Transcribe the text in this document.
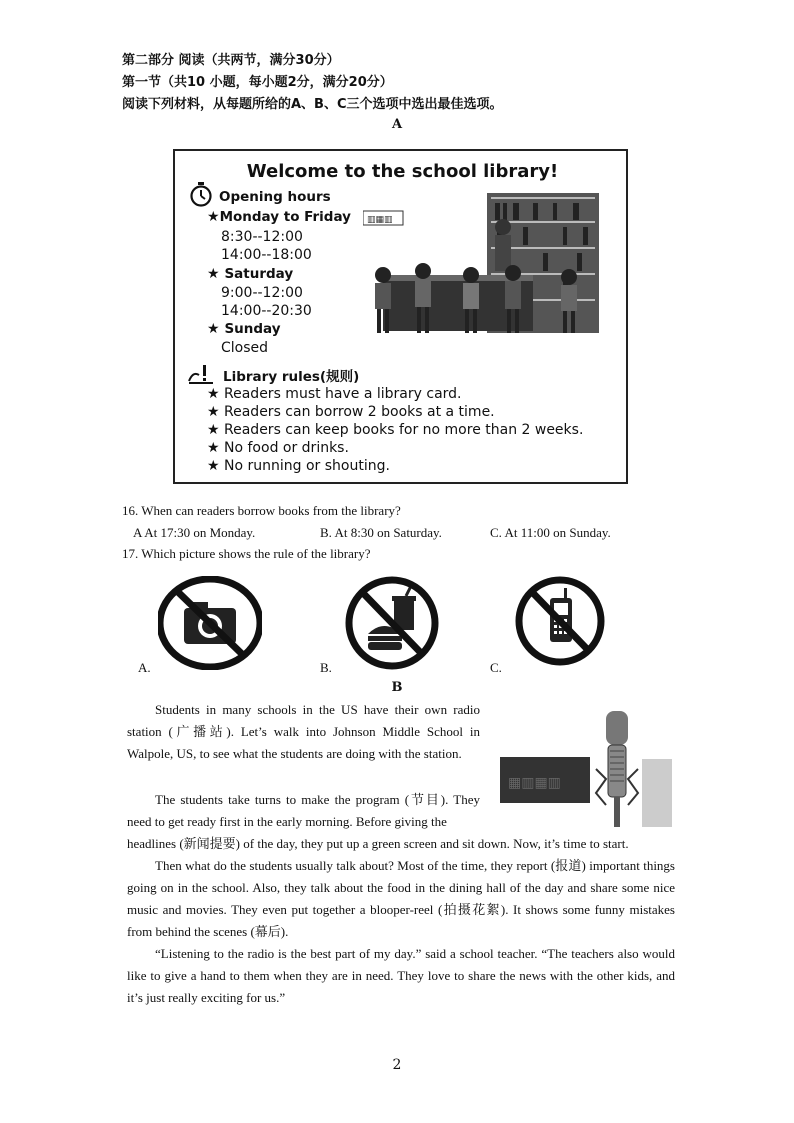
第二部分 阅读（共两节，满分30分）
第一节（共10 小题，每小题2分，满分20分）
阅读下列材料，从每题所给的A、B、C三个选项中选出最佳选项。
A
Welcome to the school library!
Opening hours
★Monday to Friday
8:30--12:00
14:00--18:00
★ Saturday
9:00--12:00
14:00--20:30
★ Sunday
Closed
▥▦▥
Library rules(规则)
★ Readers must have a library card.
★ Readers can borrow 2 books at a time.
★ Readers can keep books for no more than 2 weeks.
★ No food or drinks.
★ No running or shouting.
16. When can readers borrow books from the library?
A At 17:30 on Monday.	B. At 8:30 on Saturday.	C. At 11:00 on Sunday.
17. Which picture shows the rule of the library?
A.	B.	C.
B
Students in many schools in the US have their own radio station (广播站). Let’s walk into Johnson Middle School in Walpole, US, to see what the students are doing with the station.
▦▥▦▥
The students take turns to make the program (节目). They need to get ready first in the early morning. Before giving the
headlines (新闻提要) of the day, they put up a green screen and sit down. Now, it’s time to start.
Then what do the students usually talk about? Most of the time, they report (报道) important things going on in the school. Also, they talk about the food in the dining hall of the day and share some nice music and movies. They even put together a blooper-reel (拍摄花絮). It shows some funny mistakes from behind the scenes (幕后).
“Listening to the radio is the best part of my day.” said a school teacher. “The teachers also would like to give a hand to them when they are in need. They love to share the news with the other kids, and it’s just really exciting for us.”
2
